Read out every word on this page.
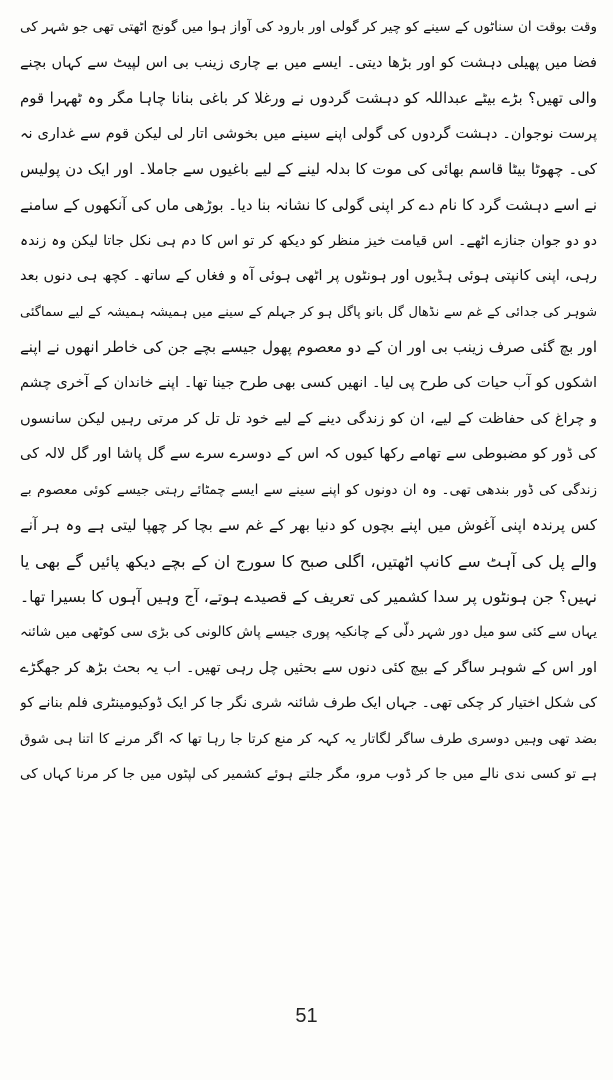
وقت بوقت ان سناٹوں کے سینے کو چیر کر گولی اور بارود کی آواز ہوا میں گونج اٹھتی تھی جو شہر کی
فضا میں پھیلی دہشت کو اور بڑھا دیتی۔ ایسے میں بے چاری زینب بی اس لپیٹ سے کہاں بچنے
والی تھیں؟ بڑے بیٹے عبداللہ کو دہشت گردوں نے ورغلا کر باغی بنانا چاہا مگر وہ ٹھہرا قوم
پرست نوجوان۔ دہشت گردوں کی گولی اپنے سینے میں بخوشی اتار لی لیکن قوم سے غداری نہ
کی۔ چھوٹا بیٹا قاسم بھائی کی موت کا بدلہ لینے کے لیے باغیوں سے جاملا۔ اور ایک دن پولیس
نے اسے دہشت گرد کا نام دے کر اپنی گولی کا نشانہ بنا دیا۔ بوڑھی ماں کی آنکھوں کے سامنے
دو دو جوان جنازے اٹھے۔ اس قیامت خیز منظر کو دیکھ کر تو اس کا دم ہی نکل جاتا لیکن وہ زندہ
رہی، اپنی کانپتی ہوئی ہڈیوں اور ہونٹوں پر اٹھی ہوئی آہ و فغاں کے ساتھ۔ کچھ ہی دنوں بعد
شوہر کی جدائی کے غم سے نڈھال گل بانو پاگل ہو کر جہلم کے سینے میں ہمیشہ ہمیشہ کے لیے سماگئی
اور بچ گئی صرف زینب بی اور ان کے دو معصوم پھول جیسے بچے جن کی خاطر انھوں نے اپنے
اشکوں کو آب حیات کی طرح پی لیا۔ انھیں کسی بھی طرح جینا تھا۔ اپنے خاندان کے آخری چشم
و چراغ کی حفاظت کے لیے، ان کو زندگی دینے کے لیے خود تل تل کر مرتی رہیں لیکن سانسوں
کی ڈور کو مضبوطی سے تھامے رکھا کیوں کہ اس کے دوسرے سرے سے گل پاشا اور گل لالہ کی
زندگی کی ڈور بندھی تھی۔ وہ ان دونوں کو اپنے سینے سے ایسے چمٹائے رہتی جیسے کوئی معصوم بے
کس پرندہ اپنی آغوش میں اپنے بچوں کو دنیا بھر کے غم سے بچا کر چھپا لیتی ہے وہ ہر آنے
والے پل کی آہٹ سے کانپ اٹھتیں، اگلی صبح کا سورج ان کے بچے دیکھ پائیں گے بھی یا
نہیں؟ جن ہونٹوں پر سدا کشمیر کی تعریف کے قصیدے ہوتے، آج وہیں آہوں کا بسیرا تھا۔
یہاں سے کئی سو میل دور شہر دلّی کے چانکیہ پوری جیسے پاش کالونی کی بڑی سی کوٹھی میں شائنہ
اور اس کے شوہر ساگر کے بیچ کئی دنوں سے بحثیں چل رہی تھیں۔ اب یہ بحث بڑھ کر جھگڑے
کی شکل اختیار کر چکی تھی۔ جہاں ایک طرف شائنہ شری نگر جا کر ایک ڈوکیومینٹری فلم بنانے کو
بضد تھی وہیں دوسری طرف ساگر لگاتار یہ کہہ کر منع کرتا جا رہا تھا کہ اگر مرنے کا اتنا ہی شوق
ہے تو کسی ندی نالے میں جا کر ڈوب مرو، مگر جلتے ہوئے کشمیر کی لپٹوں میں جا کر مرنا کہاں کی
51
